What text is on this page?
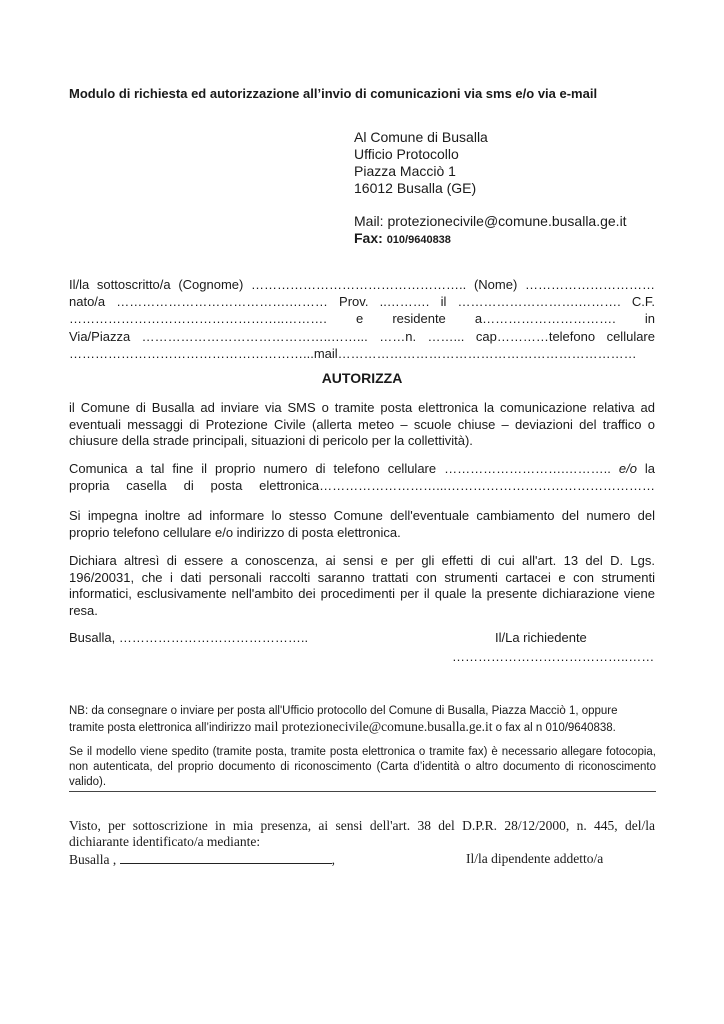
Modulo di richiesta ed autorizzazione all’invio di comunicazioni via sms e/o via e-mail
Al Comune di Busalla
Ufficio Protocollo
Piazza Macciò 1
16012 Busalla (GE)
Mail: protezionecivile@comune.busalla.ge.it
Fax: 010/9640838
Il/la sottoscritto/a (Cognome) ………………………………………….. (Nome) …………………………
nato/a ………………………………….……… Prov. ..………. il ……………………….………. C.F.
…………………………………………..………. e residente a…………………………. in
Via/Piazza ……………………………………..……... ……n. ……... cap…………telefono cellulare
………………………………………………...mail……………………………………………………………
AUTORIZZA
il Comune di Busalla ad inviare via SMS o tramite posta elettronica la comunicazione relativa ad eventuali messaggi di Protezione Civile (allerta meteo – scuole chiuse – deviazioni del traffico o chiusure della strade principali, situazioni di pericolo per la collettività).
Comunica a tal fine il proprio numero di telefono cellulare ……………………….……….. e/o la
propria casella di posta elettronica………………………...…………………………………………
Si impegna inoltre ad informare lo stesso Comune dell'eventuale cambiamento del numero del proprio telefono cellulare e/o indirizzo di posta elettronica.
Dichiara altresì di essere a conoscenza, ai sensi e per gli effetti di cui all'art. 13 del D. Lgs. 196/20031, che i dati personali raccolti saranno trattati con strumenti cartacei e con strumenti informatici, esclusivamente nell'ambito dei procedimenti per il quale la presente dichiarazione viene resa.
Busalla, ……………………………………..	Il/La richiedente
…………………………………..……
NB: da consegnare o inviare per posta all'Ufficio protocollo del Comune di Busalla, Piazza Macciò 1, oppure
tramite posta elettronica all’indirizzo mail protezionecivile@comune.busalla.ge.it o fax al n 010/9640838.
Se il modello viene spedito (tramite posta, tramite posta elettronica o tramite fax) è necessario allegare fotocopia, non autenticata, del proprio documento di riconoscimento (Carta d’identità o altro documento di riconoscimento valido).
Visto, per sottoscrizione in mia presenza, ai sensi dell'art. 38 del D.P.R. 28/12/2000, n. 445, del/la dichiarante identificato/a mediante:
Busalla ,	,	Il/la dipendente addetto/a
